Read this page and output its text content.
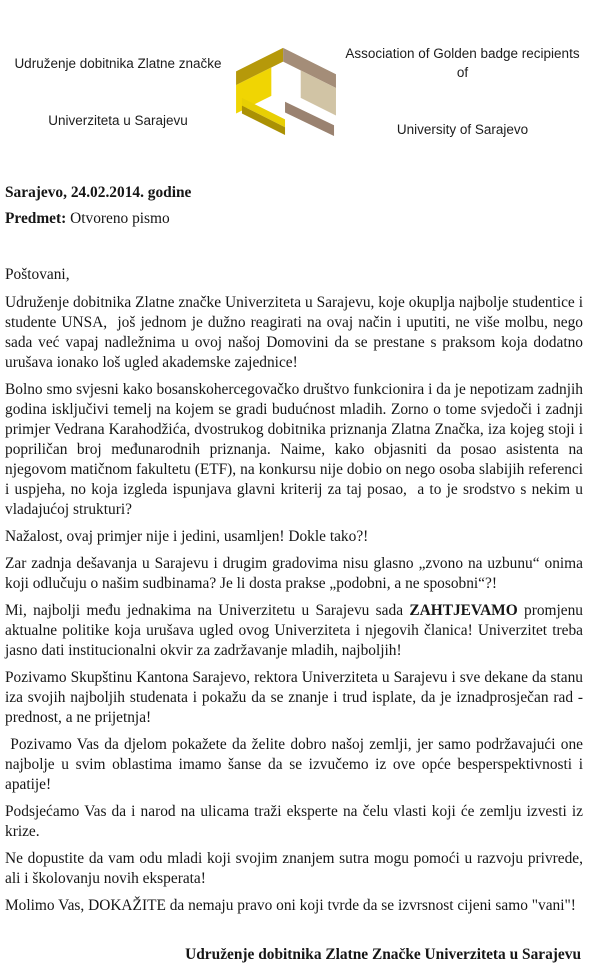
Udruženje dobitnika Zlatne značke

Univerziteta u Sarajevu

Association of Golden badge recipients  of

University of Sarajevo

Sarajevo, 24.02.2014. godine
Predmet: Otvoreno pismo
Poštovani,

Udruženje dobitnika Zlatne značke Univerziteta u Sarajevu, koje okuplja najbolje studentice i studente UNSA,  još jednom je dužno reagirati na ovaj način i uputiti, ne više molbu, nego sada već vapaj nadležnima u ovoj našoj Domovini da se prestane s praksom koja dodatno  urušava ionako loš ugled akademske zajednice!

Bolno smo svjesni kako bosanskohercegovačko društvo funkcionira i da je nepotizam zadnjih godina isključivi temelj na kojem se gradi budućnost mladih. Zorno o tome svjedoči i zadnji primjer Vedrana Karahodžića, dvostrukog dobitnika priznanja Zlatna Značka, iza kojeg stoji i popriličan broj međunarodnih priznanja. Naime, kako objasniti da posao asistenta na njegovom matičnom fakultetu (ETF), na konkursu nije dobio on nego osoba slabijih referenci i uspjeha, no koja izgleda ispunjava glavni kriterij za taj posao,  a to je srodstvo s nekim u vladajućoj strukturi?

Nažalost, ovaj primjer nije i jedini, usamljen! Dokle tako?!

Zar zadnja dešavanja u Sarajevu i drugim gradovima nisu glasno „zvono na uzbunu“ onima koji odlučuju o našim sudbinama? Je li dosta prakse „podobni, a ne sposobni“?!

Mi, najbolji među jednakima na Univerzitetu u Sarajevu sada ZAHTJEVAMO promjenu aktualne politike koja urušava ugled ovog Univerziteta i njegovih članica! Univerzitet treba jasno dati institucionalni okvir za zadržavanje mladih, najboljih!

Pozivamo Skupštinu Kantona Sarajevo, rektora Univerziteta u Sarajevu i sve dekane da stanu iza svojih najboljih studenata i pokažu da se znanje i trud isplate, da je iznadprosječan rad - prednost, a ne prijetnja!

Pozivamo Vas da djelom pokažete da želite dobro našoj zemlji, jer samo podržavajući one najbolje u svim oblastima imamo šanse da se izvučemo iz ove opće besperspektivnosti i apatije!

Podsjećamo Vas da i narod na ulicama traži eksperte na čelu vlasti koji će zemlju izvesti iz krize.

Ne dopustite da vam odu mladi koji svojim znanjem sutra mogu pomoći u razvoju privrede, ali i školovanju novih eksperata!

Molimo Vas, DOKAŽITE da nemaju pravo oni koji tvrde da se izvrsnost cijeni samo "vani"!

Udruženje dobitnika Zlatne Značke Univerziteta u Sarajevu
